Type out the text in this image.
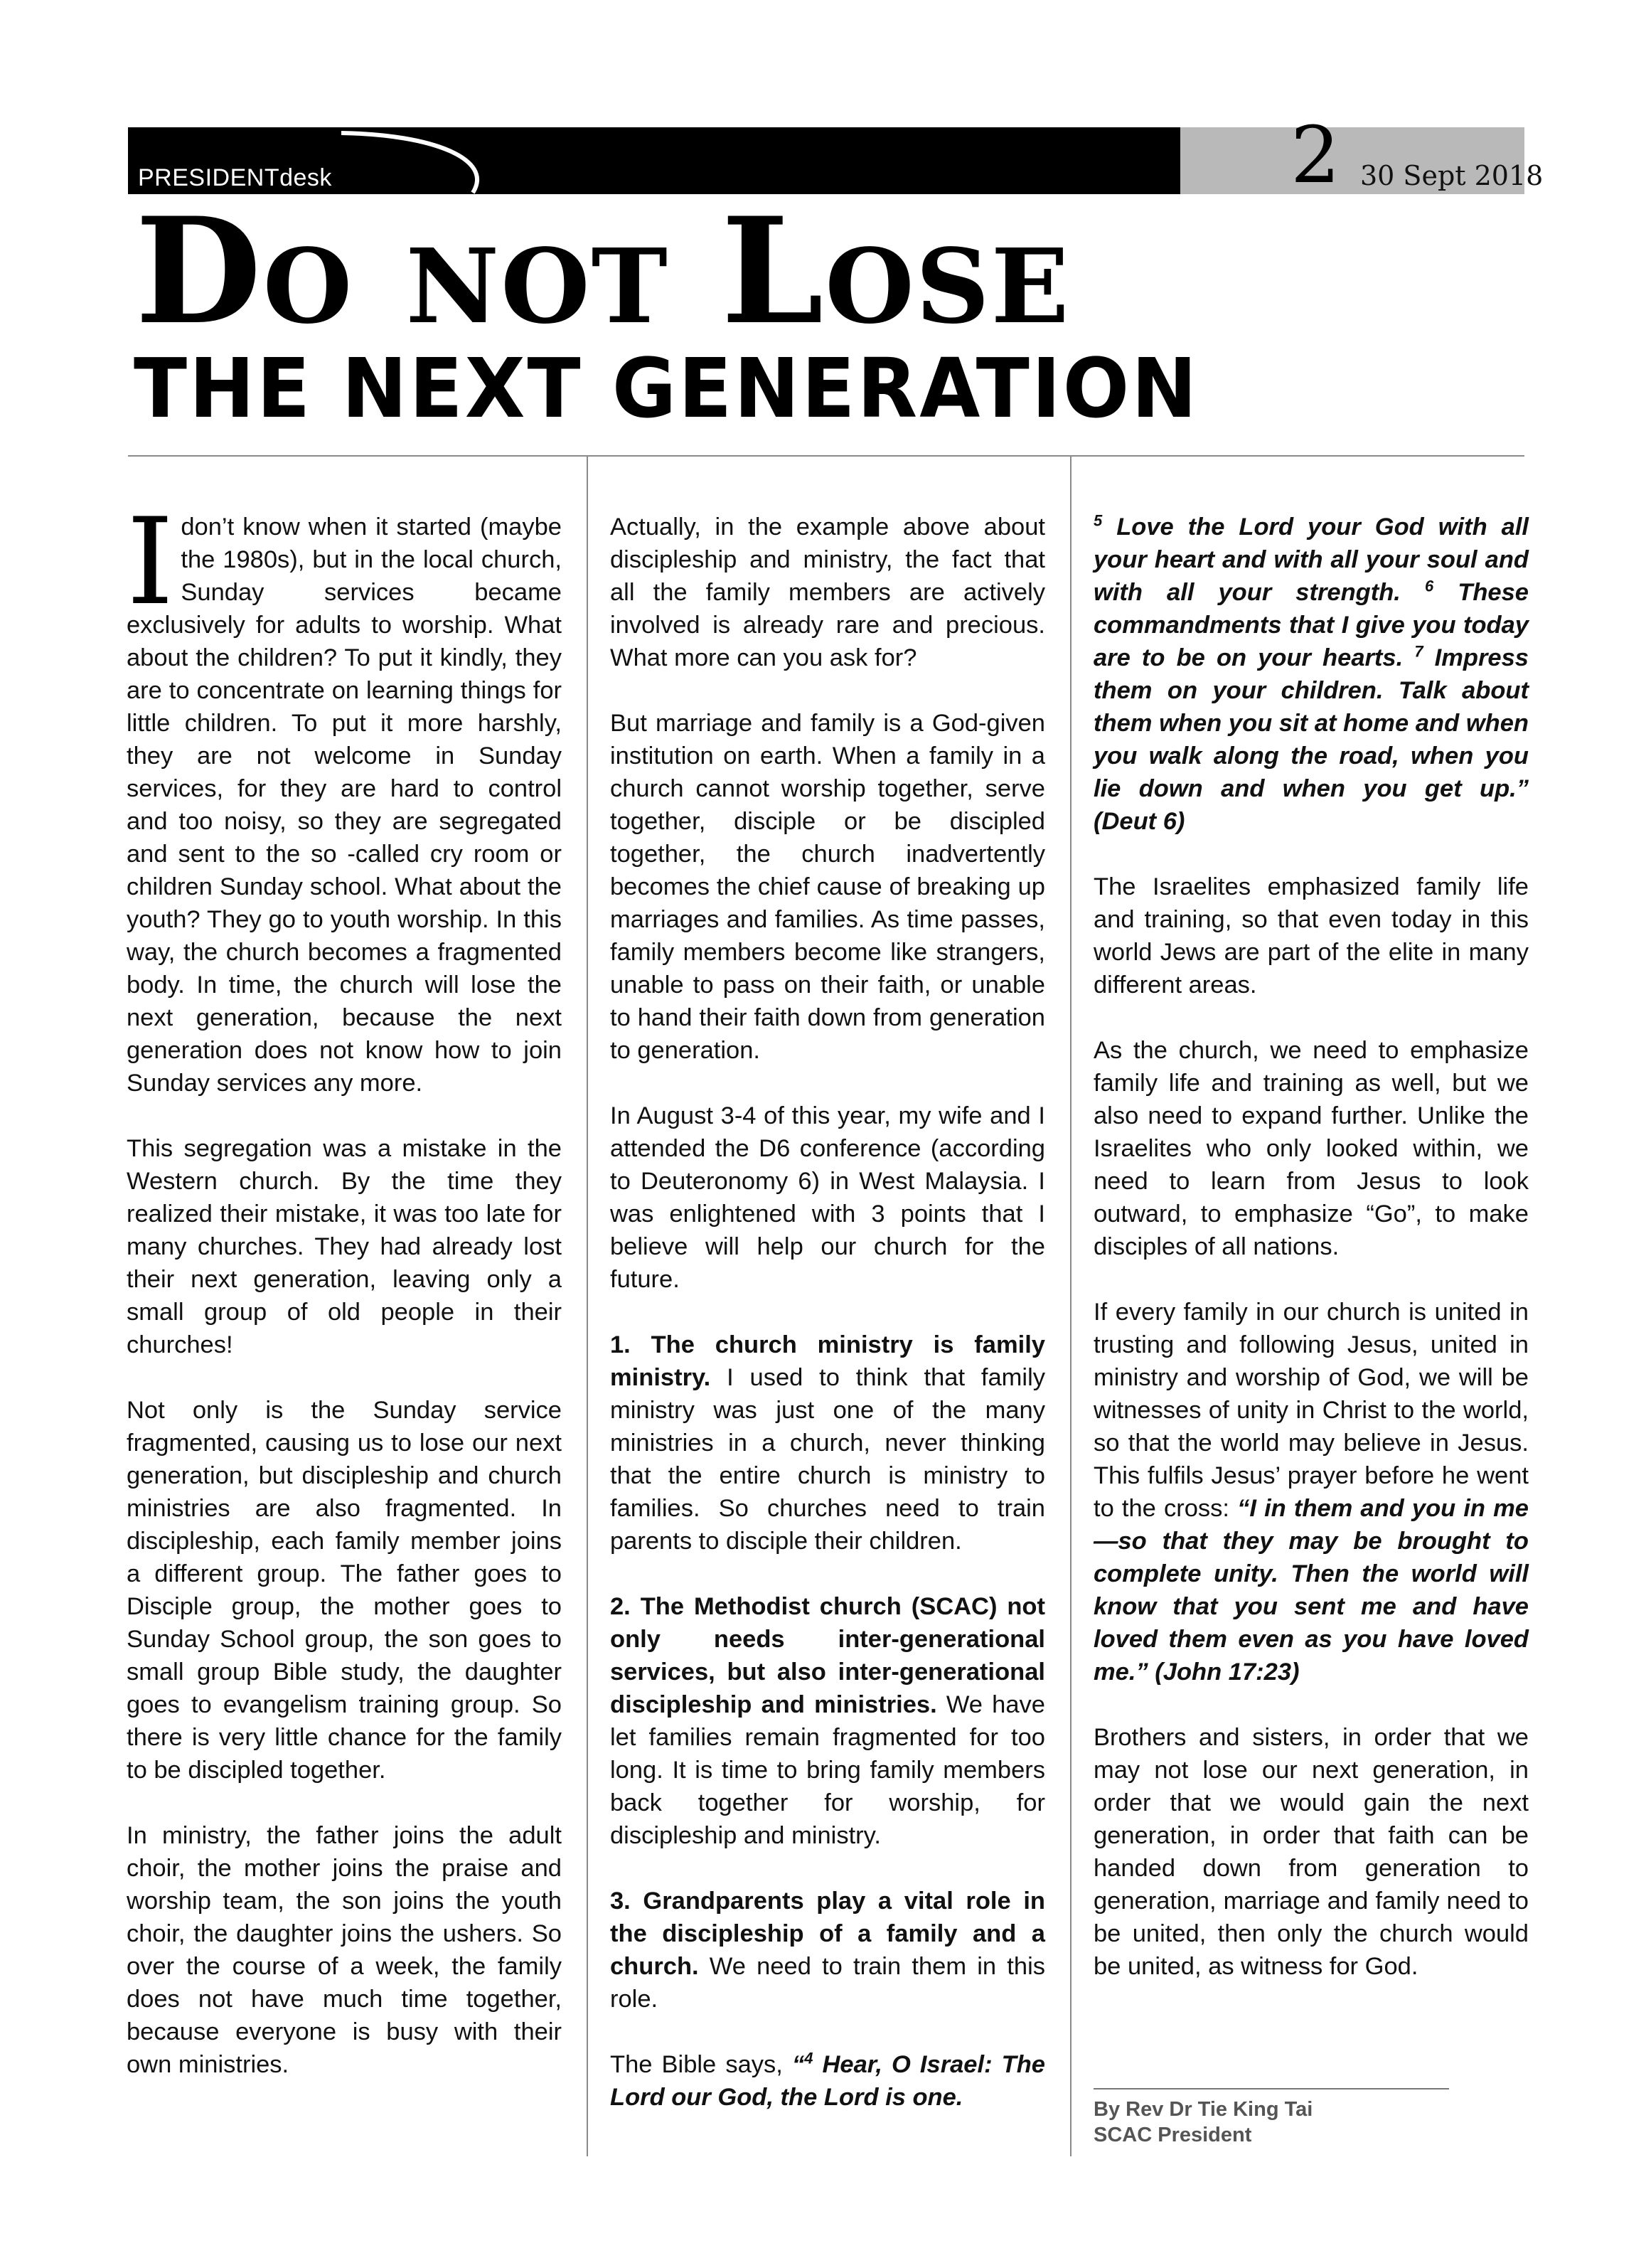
PRESIDENTdesk	2 30 Sept 2018
Do not Lose
THE NEXT GENERATION

I don’t know when it started (maybe the 1980s), but in the local church, Sunday services became exclusively for adults to worship. What about the children? To put it kindly, they are to concentrate on learning things for little children. To put it more harshly, they are not welcome in Sunday services, for they are hard to control and too noisy, so they are segregated and sent to the so -called cry room or children Sunday school. What about the youth? They go to youth worship. In this way, the church becomes a fragmented body. In time, the church will lose the next generation, because the next generation does not know how to join Sunday services any more.

This segregation was a mistake in the Western church. By the time they realized their mistake, it was too late for many churches. They had already lost their next generation, leaving only a small group of old people in their churches!

Not only is the Sunday service fragmented, causing us to lose our next generation, but discipleship and church ministries are also fragmented. In discipleship, each family member joins a different group. The father goes to Disciple group, the mother goes to Sunday School group, the son goes to small group Bible study, the daughter goes to evangelism training group. So there is very little chance for the family to be discipled together.

In ministry, the father joins the adult choir, the mother joins the praise and worship team, the son joins the youth choir, the daughter joins the ushers. So over the course of a week, the family does not have much time together, because everyone is busy with their own ministries.

Actually, in the example above about discipleship and ministry, the fact that all the family members are actively involved is already rare and precious. What more can you ask for?

But marriage and family is a God-given institution on earth. When a family in a church cannot worship together, serve together, disciple or be discipled together, the church inadvertently becomes the chief cause of breaking up marriages and families. As time passes, family members become like strangers, unable to pass on their faith, or unable to hand their faith down from generation to generation.

In August 3-4 of this year, my wife and I attended the D6 conference (according to Deuteronomy 6) in West Malaysia. I was enlightened with 3 points that I believe will help our church for the future.

1. The church ministry is family ministry. I used to think that family ministry was just one of the many ministries in a church, never thinking that the entire church is ministry to families. So churches need to train parents to disciple their children.

2. The Methodist church (SCAC) not only needs inter-generational services, but also inter-generational discipleship and ministries. We have let families remain fragmented for too long. It is time to bring family members back together for worship, for discipleship and ministry.

3. Grandparents play a vital role in the discipleship of a family and a church. We need to train them in this role.

The Bible says, “$^4$ Hear, O Israel: The Lord our God, the Lord is one.

$^5$ Love the Lord your God with all your heart and with all your soul and with all your strength. $^6$ These commandments that I give you today are to be on your hearts. $^7$ Impress them on your children. Talk about them when you sit at home and when you walk along the road, when you lie down and when you get up.” (Deut 6)

The Israelites emphasized family life and training, so that even today in this world Jews are part of the elite in many different areas.

As the church, we need to emphasize family life and training as well, but we also need to expand further. Unlike the Israelites who only looked within, we need to learn from Jesus to look outward, to emphasize “Go”, to make disciples of all nations.

If every family in our church is united in trusting and following Jesus, united in ministry and worship of God, we will be witnesses of unity in Christ to the world, so that the world may believe in Jesus. This fulfils Jesus’ prayer before he went to the cross: “I in them and you in me—so that they may be brought to complete unity. Then the world will know that you sent me and have loved them even as you have loved me.” (John 17:23)

Brothers and sisters, in order that we may not lose our next generation, in order that we would gain the next generation, in order that faith can be handed down from generation to generation, marriage and family need to be united, then only the church would be united, as witness for God.

By Rev Dr Tie King Tai
SCAC President
